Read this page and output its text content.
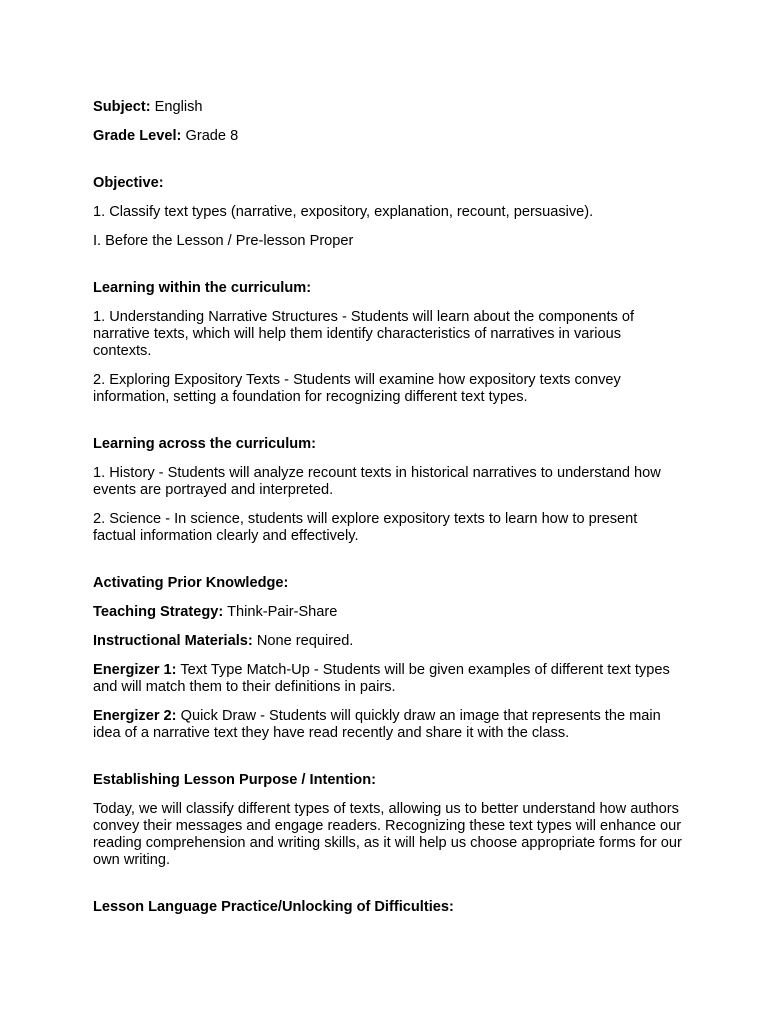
Subject: English

Grade Level: Grade 8

Objective:

1. Classify text types (narrative, expository, explanation, recount, persuasive).

I. Before the Lesson / Pre-lesson Proper

Learning within the curriculum:

1. Understanding Narrative Structures - Students will learn about the components of narrative texts, which will help them identify characteristics of narratives in various contexts.

2. Exploring Expository Texts - Students will examine how expository texts convey information, setting a foundation for recognizing different text types.

Learning across the curriculum:

1. History - Students will analyze recount texts in historical narratives to understand how events are portrayed and interpreted.

2. Science - In science, students will explore expository texts to learn how to present factual information clearly and effectively.

Activating Prior Knowledge:

Teaching Strategy: Think-Pair-Share

Instructional Materials: None required.

Energizer 1: Text Type Match-Up - Students will be given examples of different text types and will match them to their definitions in pairs.

Energizer 2: Quick Draw - Students will quickly draw an image that represents the main idea of a narrative text they have read recently and share it with the class.

Establishing Lesson Purpose / Intention:

Today, we will classify different types of texts, allowing us to better understand how authors convey their messages and engage readers. Recognizing these text types will enhance our reading comprehension and writing skills, as it will help us choose appropriate forms for our own writing.

Lesson Language Practice/Unlocking of Difficulties:
